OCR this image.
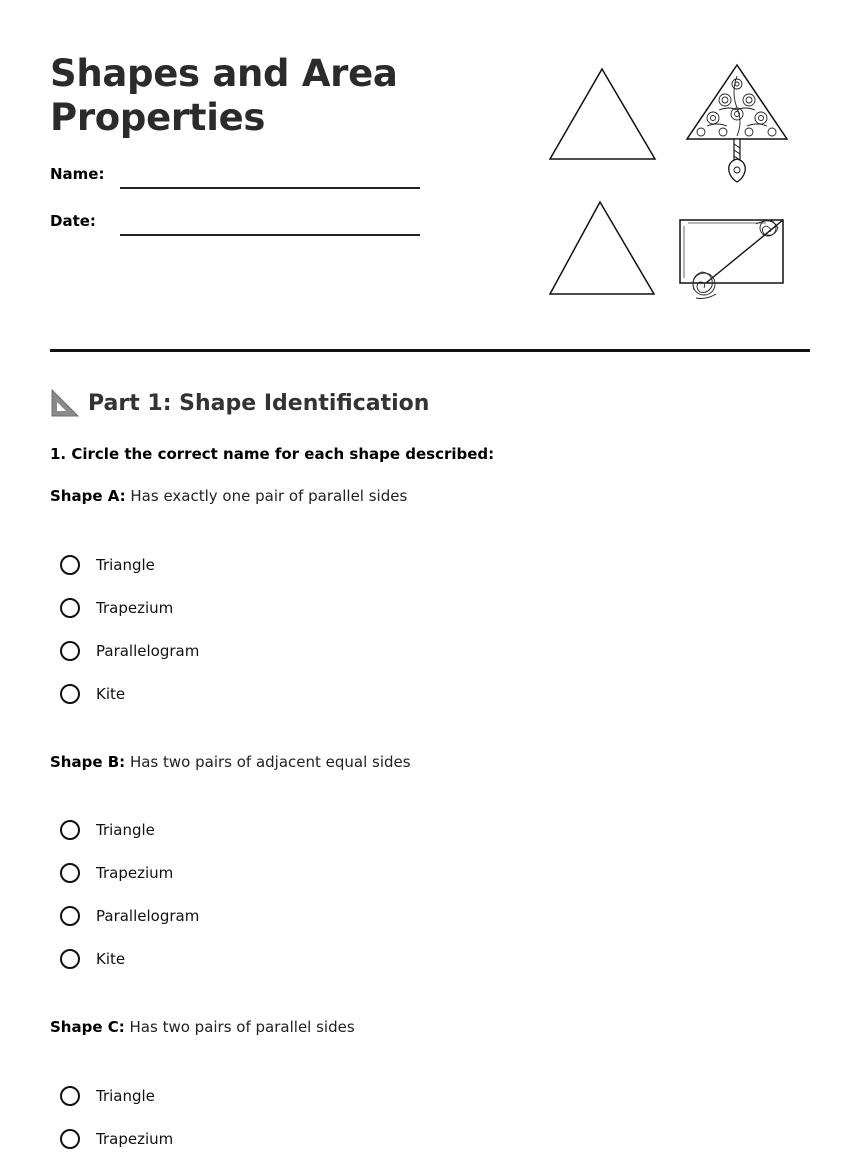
Shapes and Area
Properties
Name:
Date:
Part 1: Shape Identification
1. Circle the correct name for each shape described:
Shape A: Has exactly one pair of parallel sides
Triangle
Trapezium
Parallelogram
Kite
Shape B: Has two pairs of adjacent equal sides
Triangle
Trapezium
Parallelogram
Kite
Shape C: Has two pairs of parallel sides
Triangle
Trapezium
